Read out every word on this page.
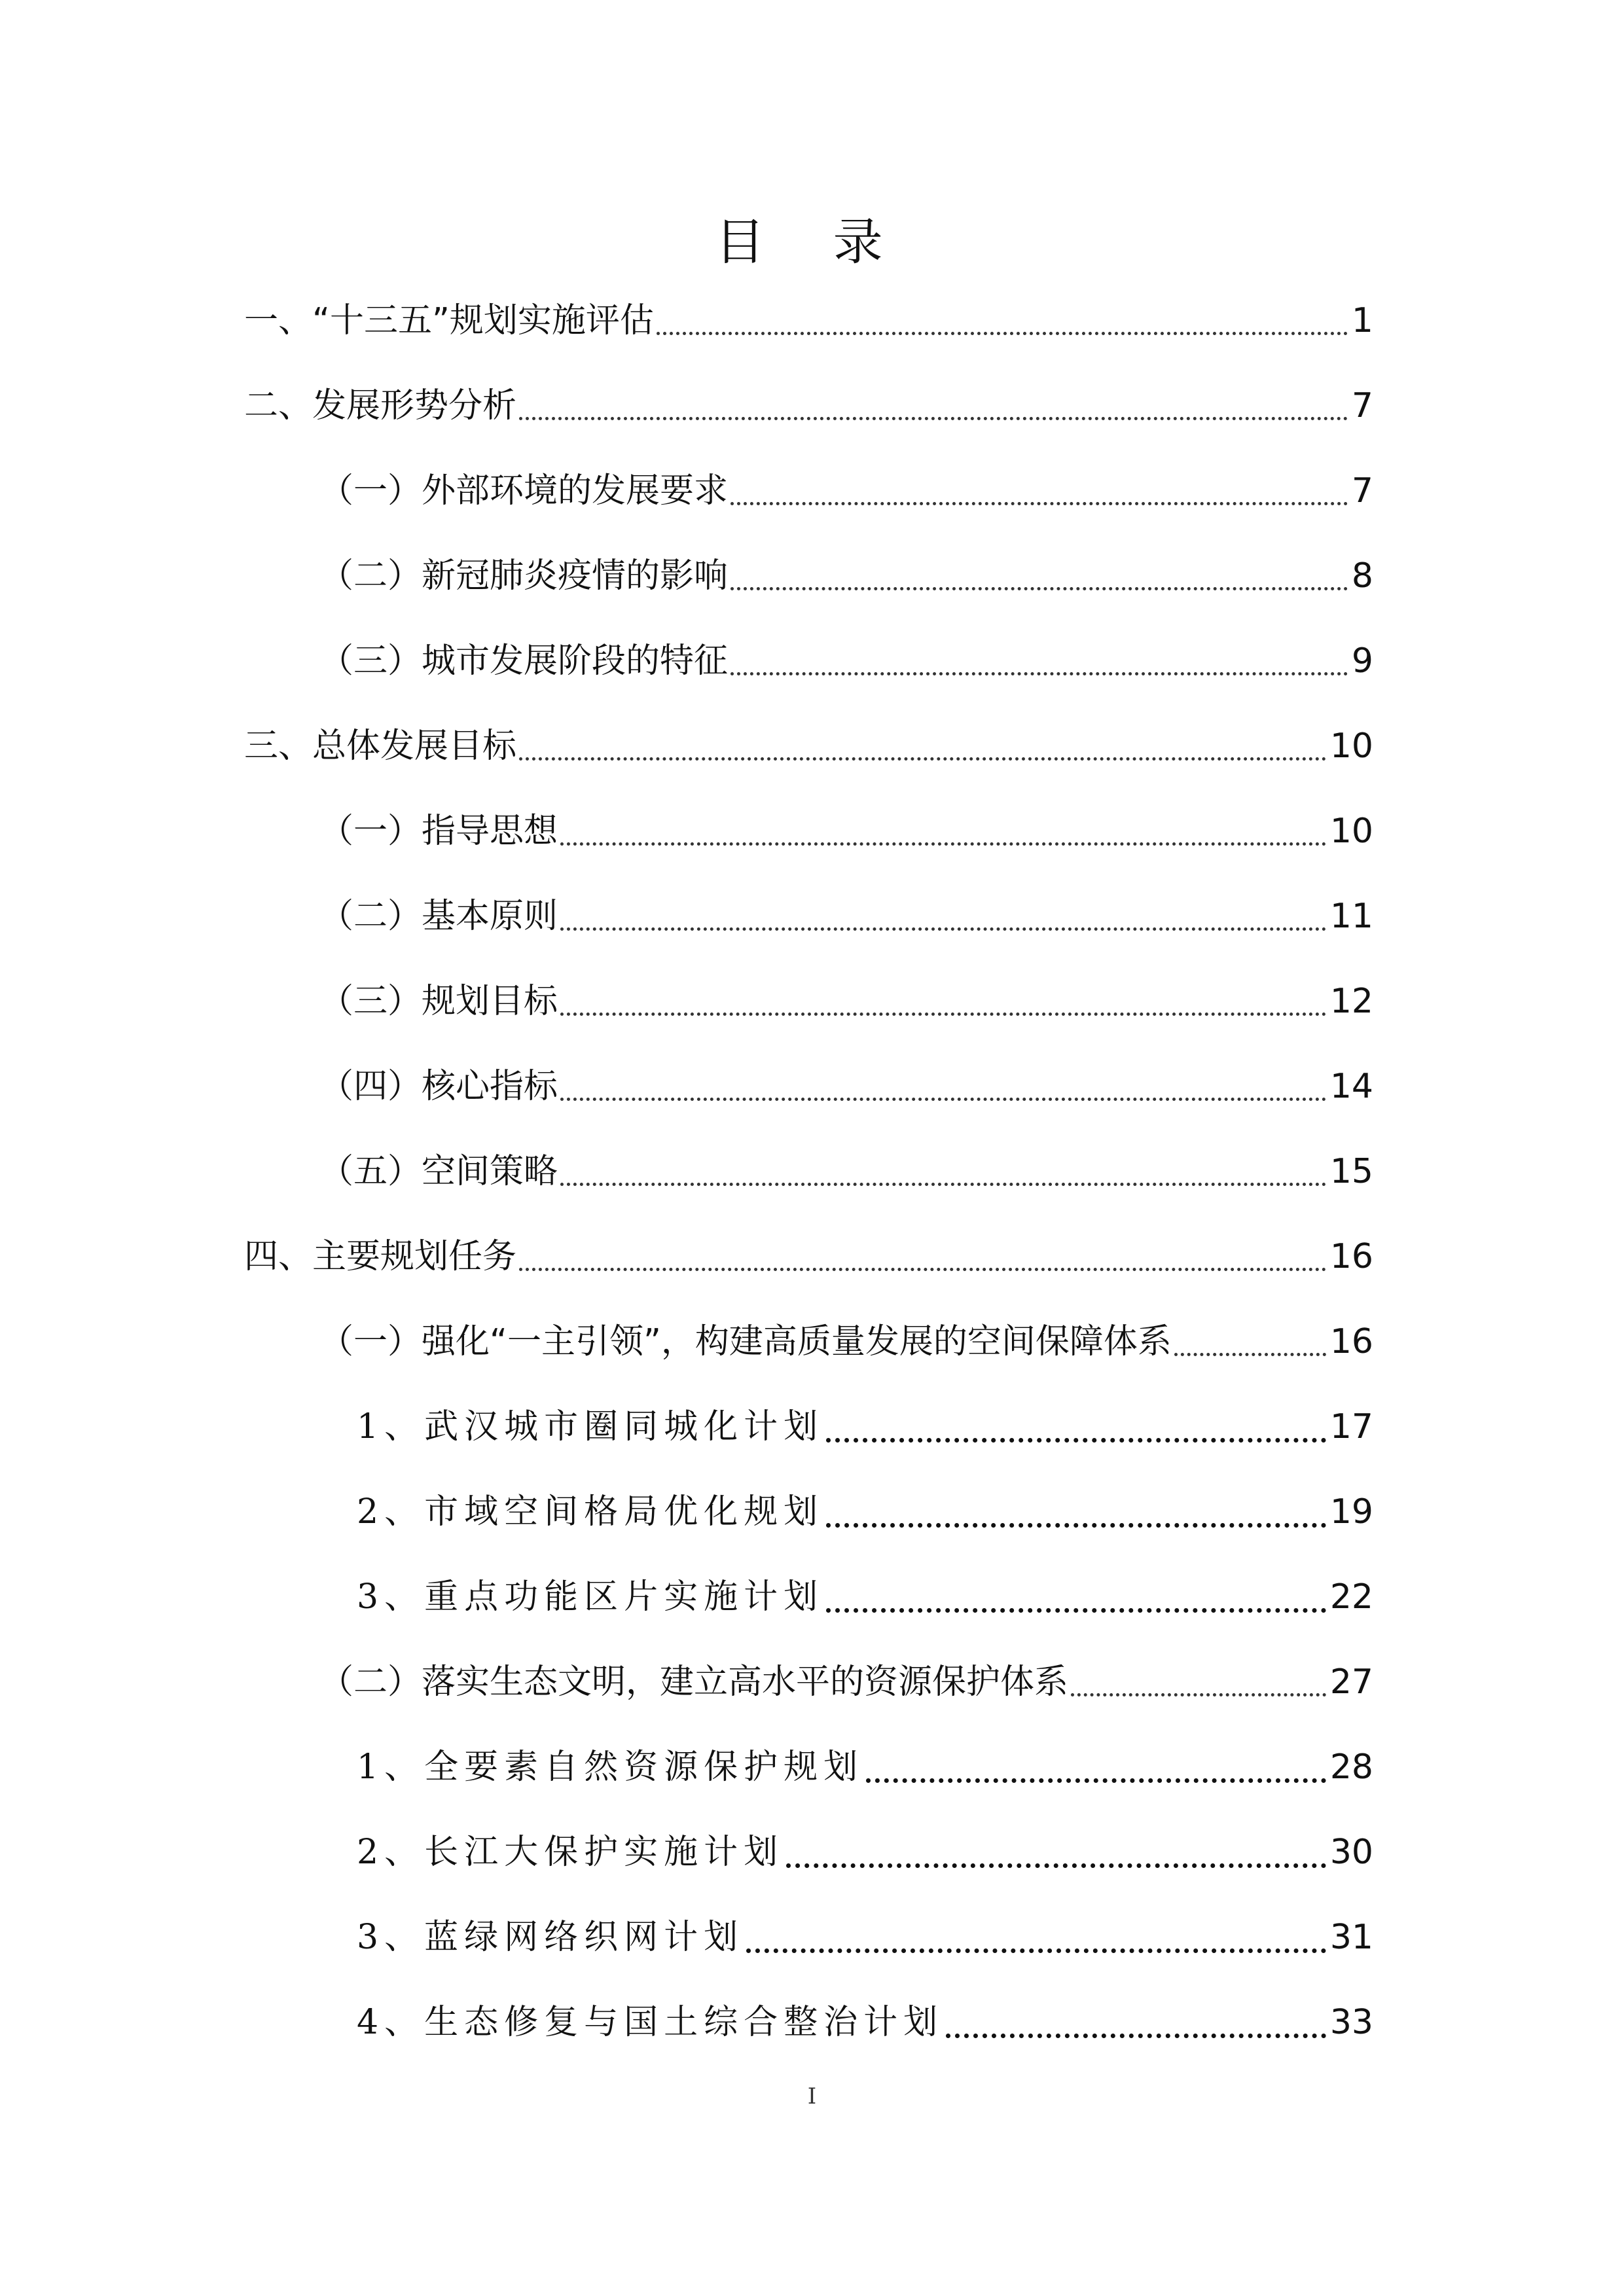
目 录
一、“十三五”规划实施评估	1
二、发展形势分析	7
（一）外部环境的发展要求	7
（二）新冠肺炎疫情的影响	8
（三）城市发展阶段的特征	9
三、总体发展目标	10
（一）指导思想	10
（二）基本原则	11
（三）规划目标	12
（四）核心指标	14
（五）空间策略	15
四、主要规划任务	16
（一）强化“一主引领”，构建高质量发展的空间保障体系	16
1、武汉城市圈同城化计划	17
2、市域空间格局优化规划	19
3、重点功能区片实施计划	22
（二）落实生态文明，建立高水平的资源保护体系	27
1、全要素自然资源保护规划	28
2、长江大保护实施计划	30
3、蓝绿网络织网计划	31
4、生态修复与国土综合整治计划	33
I
